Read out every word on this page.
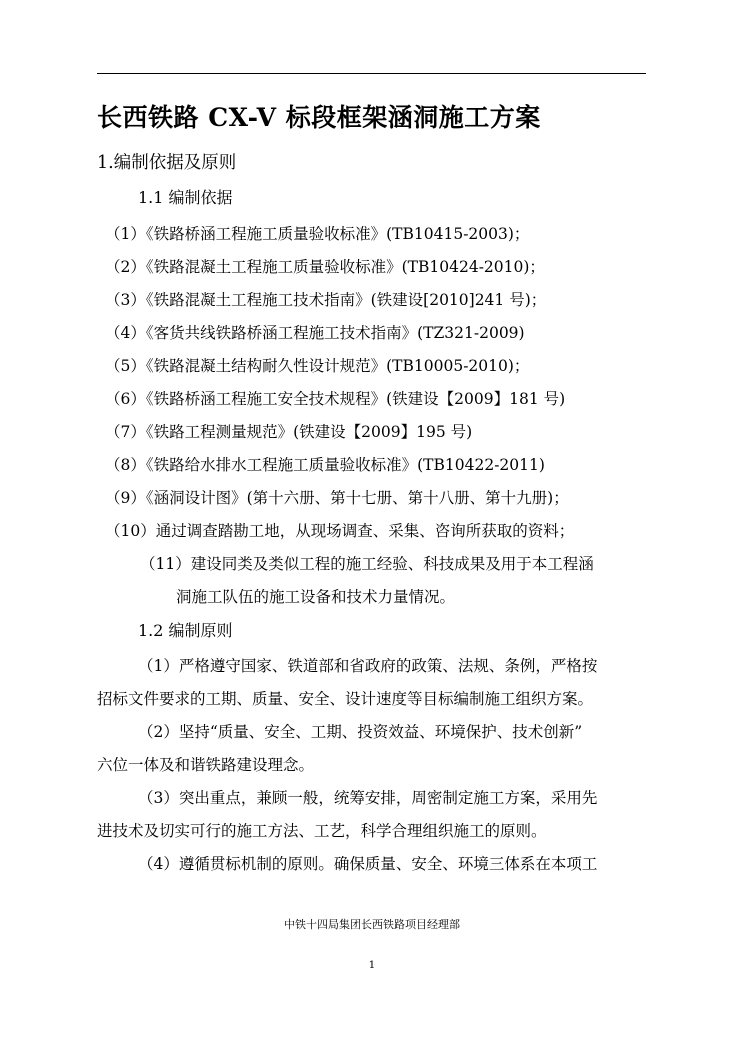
长西铁路 CX-V 标段框架涵洞施工方案
1.编制依据及原则
1.1 编制依据
（1）《铁路桥涵工程施工质量验收标准》(TB10415-2003)；
（2）《铁路混凝土工程施工质量验收标准》(TB10424-2010)；
（3）《铁路混凝土工程施工技术指南》(铁建设[2010]241 号)；
（4）《客货共线铁路桥涵工程施工技术指南》(TZ321-2009)
（5）《铁路混凝土结构耐久性设计规范》(TB10005-2010)；
（6）《铁路桥涵工程施工安全技术规程》(铁建设【2009】181 号)
（7）《铁路工程测量规范》(铁建设【2009】195 号)
（8）《铁路给水排水工程施工质量验收标准》(TB10422-2011)
（9）《涵洞设计图》(第十六册、第十七册、第十八册、第十九册)；
（10）通过调查踏勘工地，从现场调查、采集、咨询所获取的资料；
（11）建设同类及类似工程的施工经验、科技成果及用于本工程涵
洞施工队伍的施工设备和技术力量情况。
1.2 编制原则
（1）严格遵守国家、铁道部和省政府的政策、法规、条例，严格按
招标文件要求的工期、质量、安全、设计速度等目标编制施工组织方案。
（2）坚持“质量、安全、工期、投资效益、环境保护、技术创新”
六位一体及和谐铁路建设理念。
（3）突出重点，兼顾一般，统筹安排，周密制定施工方案，采用先
进技术及切实可行的施工方法、工艺，科学合理组织施工的原则。
（4）遵循贯标机制的原则。确保质量、安全、环境三体系在本项工
中铁十四局集团长西铁路项目经理部
1
